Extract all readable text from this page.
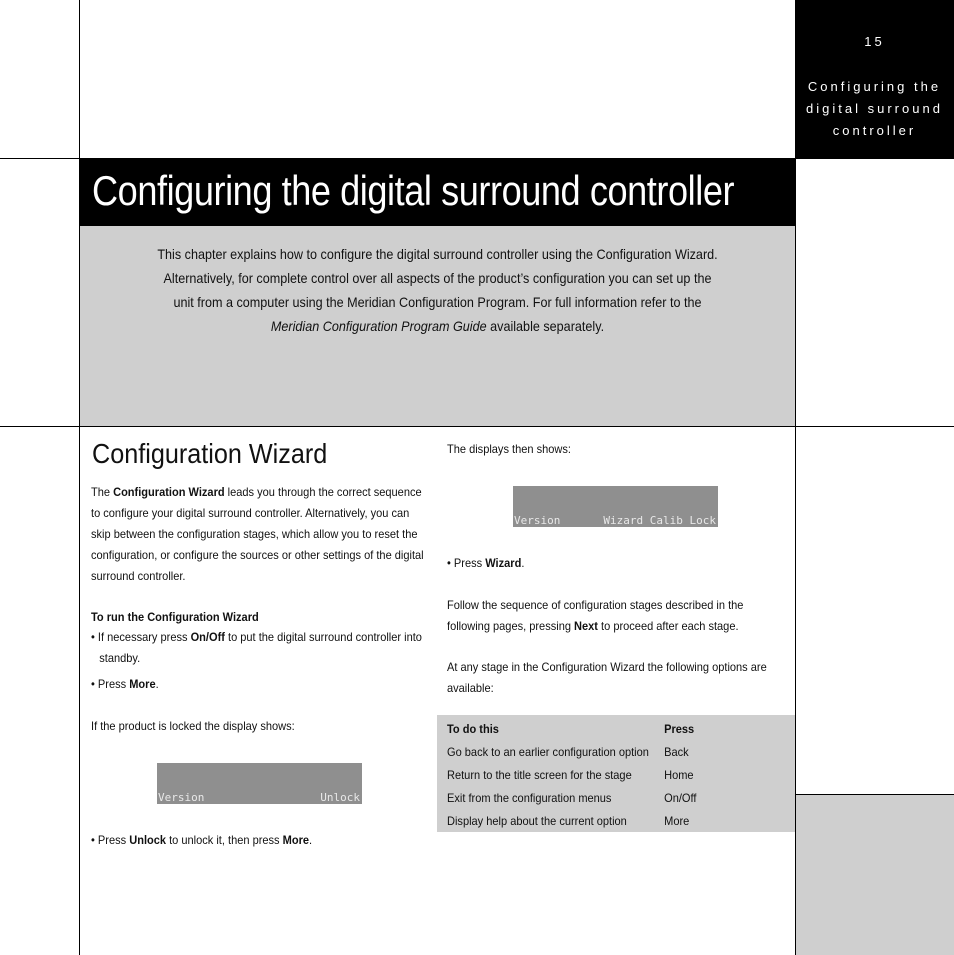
15
Configuring the digital surround controller
Configuring the digital surround controller

This chapter explains how to configure the digital surround controller using the Configuration Wizard. Alternatively, for complete control over all aspects of the product’s configuration you can set up the unit from a computer using the Meridian Configuration Program. For full information refer to the Meridian Configuration Program Guide available separately.

Configuration Wizard
The Configuration Wizard leads you through the correct sequence to configure your digital surround controller. Alternatively, you can skip between the configuration stages, which allow you to reset the configuration, or configure the sources or other settings of the digital surround controller.
To run the Configuration Wizard
• If necessary press On/Off to put the digital surround controller into standby.
• Press More.
If the product is locked the display shows:
Version	Unlock
• Press Unlock to unlock it, then press More.
The displays then shows:
Version	Wizard Calib Lock
• Press Wizard.
Follow the sequence of configuration stages described in the following pages, pressing Next to proceed after each stage.
At any stage in the Configuration Wizard the following options are available:
To do this	Press
Go back to an earlier configuration option	Back
Return to the title screen for the stage	Home
Exit from the configuration menus	On/Off
Display help about the current option	More
